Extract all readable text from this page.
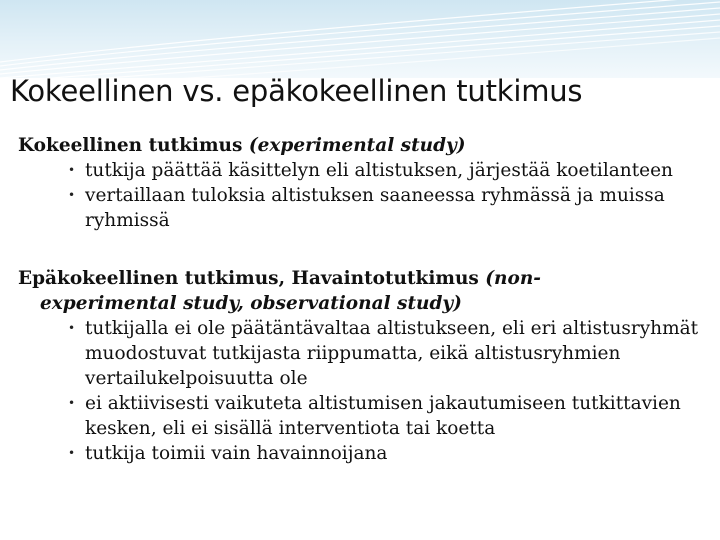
Kokeellinen vs. epäkokeellinen tutkimus

Kokeellinen tutkimus (experimental study)

• tutkija päättää käsittelyn eli altistuksen, järjestää koetilanteen
• vertaillaan tuloksia altistuksen saaneessa ryhmässä ja muissa ryhmissä

Epäkokeellinen tutkimus, Havaintotutkimus (non-
experimental study, observational study)

• tutkijalla ei ole päätäntävaltaa altistukseen, eli eri altistusryhmät muodostuvat tutkijasta riippumatta, eikä altistusryhmien vertailukelpoisuutta ole
• ei aktiivisesti vaikuteta altistumisen jakautumiseen tutkittavien kesken, eli ei sisällä interventiota tai koetta
• tutkija toimii vain havainnoijana
